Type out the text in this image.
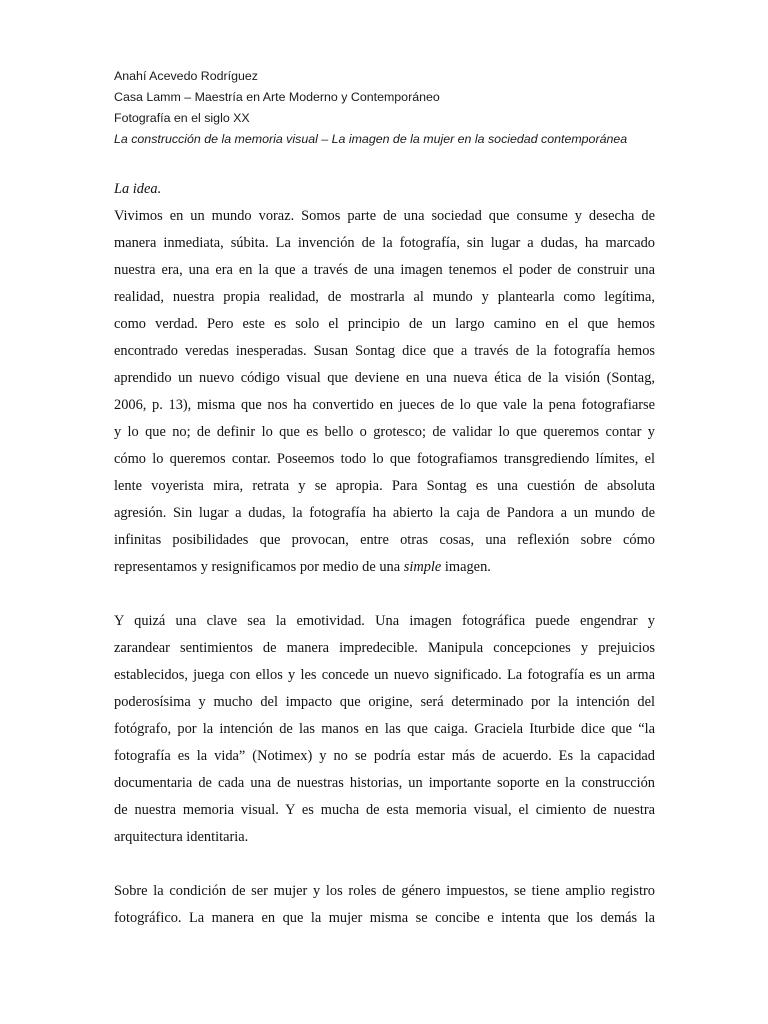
Anahí Acevedo Rodríguez
Casa Lamm – Maestría en Arte Moderno y Contemporáneo
Fotografía en el siglo XX
La construcción de la memoria visual – La imagen de la mujer en la sociedad contemporánea

La idea.

Vivimos en un mundo voraz. Somos parte de una sociedad que consume y desecha de
manera inmediata, súbita. La invención de la fotografía, sin lugar a dudas, ha marcado
nuestra era, una era en la que a través de una imagen tenemos el poder de construir una
realidad, nuestra propia realidad, de mostrarla al mundo y plantearla como legítima,
como verdad. Pero este es solo el principio de un largo camino en el que hemos
encontrado veredas inesperadas. Susan Sontag dice que a través de la fotografía hemos
aprendido un nuevo código visual que deviene en una nueva ética de la visión (Sontag,
2006, p. 13), misma que nos ha convertido en jueces de lo que vale la pena fotografiarse
y lo que no; de definir lo que es bello o grotesco; de validar lo que queremos contar y
cómo lo queremos contar. Poseemos todo lo que fotografiamos transgrediendo límites, el
lente voyerista mira, retrata y se apropia. Para Sontag es una cuestión de absoluta
agresión. Sin lugar a dudas, la fotografía ha abierto la caja de Pandora a un mundo de
infinitas posibilidades que provocan, entre otras cosas, una reflexión sobre cómo
representamos y resignificamos por medio de una simple imagen.

Y quizá una clave sea la emotividad. Una imagen fotográfica puede engendrar y
zarandear sentimientos de manera impredecible. Manipula concepciones y prejuicios
establecidos, juega con ellos y les concede un nuevo significado. La fotografía es un arma
poderosísima y mucho del impacto que origine, será determinado por la intención del
fotógrafo, por la intención de las manos en las que caiga. Graciela Iturbide dice que “la
fotografía es la vida” (Notimex) y no se podría estar más de acuerdo. Es la capacidad
documentaria de cada una de nuestras historias, un importante soporte en la construcción
de nuestra memoria visual. Y es mucha de esta memoria visual, el cimiento de nuestra
arquitectura identitaria.

Sobre la condición de ser mujer y los roles de género impuestos, se tiene amplio registro
fotográfico. La manera en que la mujer misma se concibe e intenta que los demás la
